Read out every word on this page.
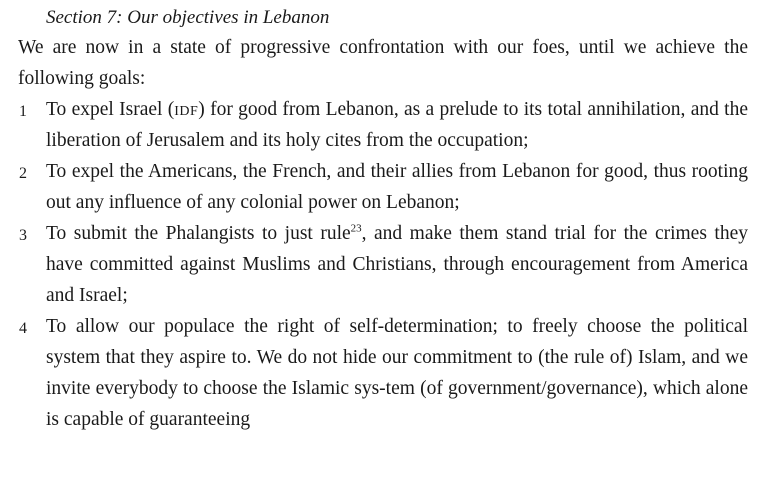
Section 7: Our objectives in Lebanon

We are now in a state of progressive confrontation with our foes, until we achieve the following goals:

1 To expel Israel (idf) for good from Lebanon, as a prelude to its total annihilation, and the liberation of Jerusalem and its holy cites from the occupation;
2 To expel the Americans, the French, and their allies from Lebanon for good, thus rooting out any influence of any colonial power on Lebanon;
3 To submit the Phalangists to just rule$^{23}$, and make them stand trial for the crimes they have committed against Muslims and Christians, through encouragement from America and Israel;
4 To allow our populace the right of self-determination; to freely choose the political system that they aspire to. We do not hide our commitment to (the rule of) Islam, and we invite everybody to choose the Islamic sys-tem (of government/governance), which alone is capable of guaranteeing
